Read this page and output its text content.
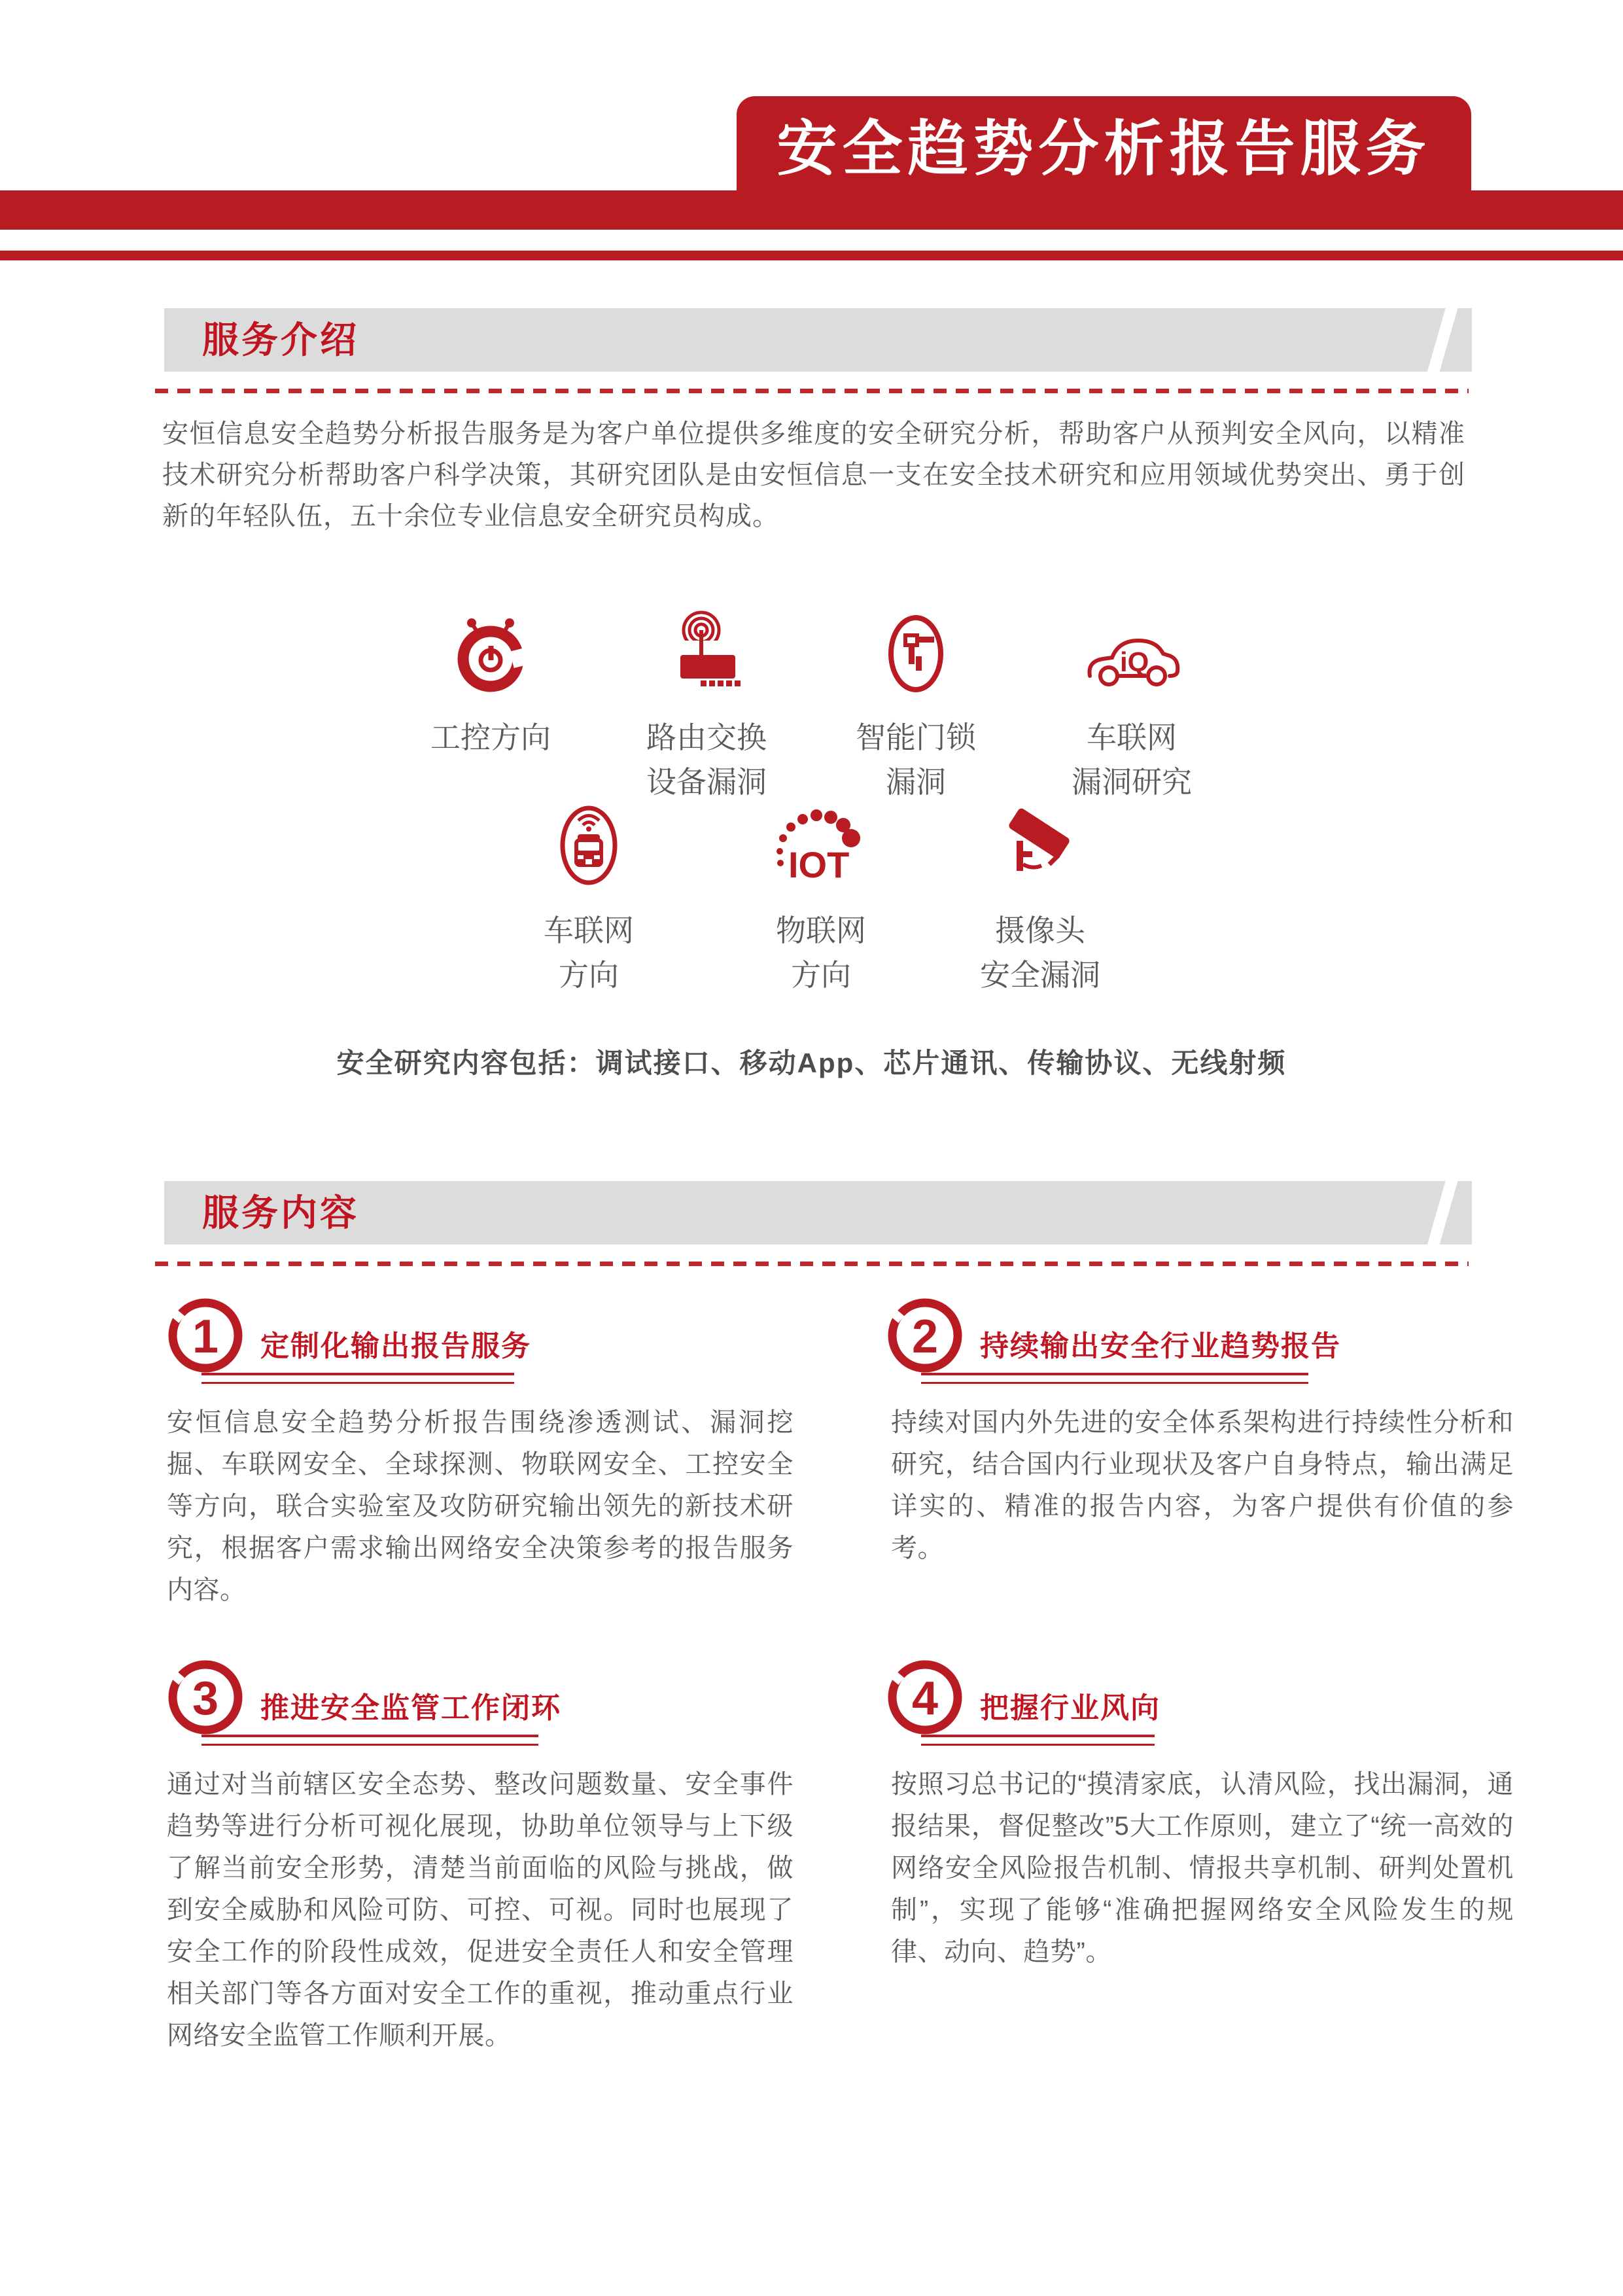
安全趋势分析报告服务
服务介绍
安恒信息安全趋势分析报告服务是为客户单位提供多维度的安全研究分析，帮助客户从预判安全风向，以精准技术研究分析帮助客户科学决策，其研究团队是由安恒信息一支在安全技术研究和应用领域优势突出、勇于创新的年轻队伍，五十余位专业信息安全研究员构成。
工控方向	路由交换
设备漏洞
智能门锁
漏洞
iQ
车联网
漏洞研究
车联网
方向
IOT
物联网
方向
摄像头
安全漏洞
安全研究内容包括：调试接口、移动App、芯片通讯、传输协议、无线射频
服务内容
1	定制化输出报告服务
安恒信息安全趋势分析报告围绕渗透测试、漏洞挖掘、车联网安全、全球探测、物联网安全、工控安全等方向，联合实验室及攻防研究输出领先的新技术研究，根据客户需求输出网络安全决策参考的报告服务内容。
2	持续输出安全行业趋势报告
持续对国内外先进的安全体系架构进行持续性分析和研究，结合国内行业现状及客户自身特点，输出满足详实的、精准的报告内容，为客户提供有价值的参考。
3	推进安全监管工作闭环
通过对当前辖区安全态势、整改问题数量、安全事件趋势等进行分析可视化展现，协助单位领导与上下级了解当前安全形势，清楚当前面临的风险与挑战，做到安全威胁和风险可防、可控、可视。同时也展现了安全工作的阶段性成效，促进安全责任人和安全管理相关部门等各方面对安全工作的重视，推动重点行业网络安全监管工作顺利开展。
4	把握行业风向
按照习总书记的“摸清家底，认清风险，找出漏洞，通报结果，督促整改”5大工作原则，建立了“统一高效的网络安全风险报告机制、情报共享机制、研判处置机制”，实现了能够“准确把握网络安全风险发生的规律、动向、趋势”。
